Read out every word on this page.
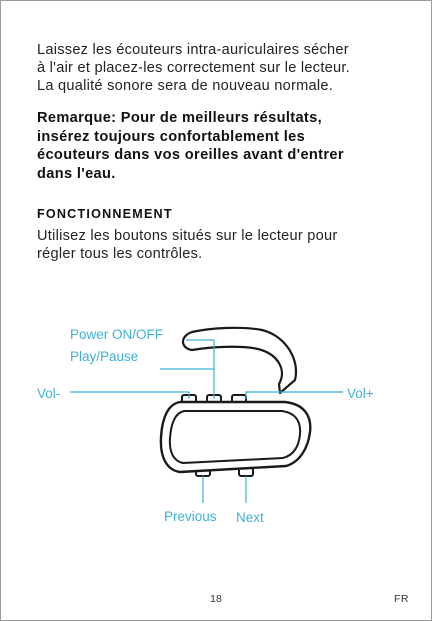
Laissez les écouteurs intra-auriculaires sécher
à l'air et placez-les correctement sur le lecteur.
La qualité sonore sera de nouveau normale.

Remarque: Pour de meilleurs résultats,
insérez toujours confortablement les
écouteurs dans vos oreilles avant d'entrer
dans l'eau.

FONCTIONNEMENT

Utilisez les boutons situés sur le lecteur pour
régler tous les contrôles.

Power ON/OFF
Play/Pause
Vol-	Vol+
Previous Next
18	FR
